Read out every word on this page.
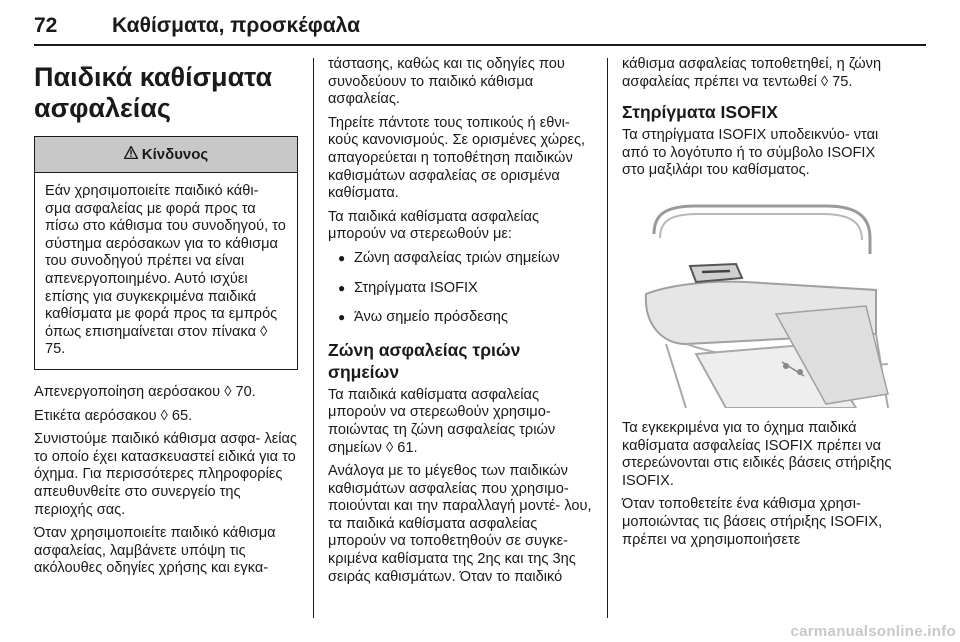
72	Καθίσματα, προσκέφαλα
Παιδικά καθίσματα
ασφαλείας
Κίνδυνος

Εάν χρησιμοποιείτε παιδικό κάθι- σμα ασφαλείας με φορά προς τα πίσω στο κάθισμα του συνοδηγού, το σύστημα αερόσακων για το κάθισμα του συνοδηγού πρέπει να είναι απενεργοποιημένο. Αυτό ισχύει επίσης για συγκεκριμένα παιδικά καθίσματα με φορά προς τα εμπρός όπως επισημαίνεται στον πίνακα ◊ 75.

Απενεργοποίηση αερόσακου ◊ 70.

Ετικέτα αερόσακου ◊ 65.

Συνιστούμε παιδικό κάθισμα ασφα- λείας το οποίο έχει κατασκευαστεί ειδικά για το όχημα. Για περισσότερες πληροφορίες απευθυνθείτε στο συνεργείο της περιοχής σας.

Όταν χρησιμοποιείτε παιδικό κάθισμα ασφαλείας, λαμβάνετε υπόψη τις ακόλουθες οδηγίες χρήσης και εγκα-

τάστασης, καθώς και τις οδηγίες που συνοδεύουν το παιδικό κάθισμα ασφαλείας.

Τηρείτε πάντοτε τους τοπικούς ή εθνι- κούς κανονισμούς. Σε ορισμένες χώρες, απαγορεύεται η τοποθέτηση παιδικών καθισμάτων ασφαλείας σε ορισμένα καθίσματα.

Τα παιδικά καθίσματα ασφαλείας μπορούν να στερεωθούν με:

● Ζώνη ασφαλείας τριών σημείων
● Στηρίγματα ISOFIX
● Άνω σημείο πρόσδεσης
Ζώνη ασφαλείας τριών σημείων

Τα παιδικά καθίσματα ασφαλείας μπορούν να στερεωθούν χρησιμο- ποιώντας τη ζώνη ασφαλείας τριών σημείων ◊ 61.

Ανάλογα με το μέγεθος των παιδικών καθισμάτων ασφαλείας που χρησιμο- ποιούνται και την παραλλαγή μοντέ- λου, τα παιδικά καθίσματα ασφαλείας μπορούν να τοποθετηθούν σε συγκε- κριμένα καθίσματα της 2ης και της 3ης σειράς καθισμάτων. Όταν το παιδικό

κάθισμα ασφαλείας τοποθετηθεί, η ζώνη ασφαλείας πρέπει να τεντωθεί ◊ 75.

Στηρίγματα ISOFIX

Τα στηρίγματα ISOFIX υποδεικνύο- νται από το λογότυπο ή το σύμβολο ISOFIX στο μαξιλάρι του καθίσματος.

Τα εγκεκριμένα για το όχημα παιδικά καθίσματα ασφαλείας ISOFIX πρέπει να στερεώνονται στις ειδικές βάσεις στήριξης ISOFIX.

Όταν τοποθετείτε ένα κάθισμα χρησι- μοποιώντας τις βάσεις στήριξης ISOFIX, πρέπει να χρησιμοποιήσετε

carmanualsonline.info
